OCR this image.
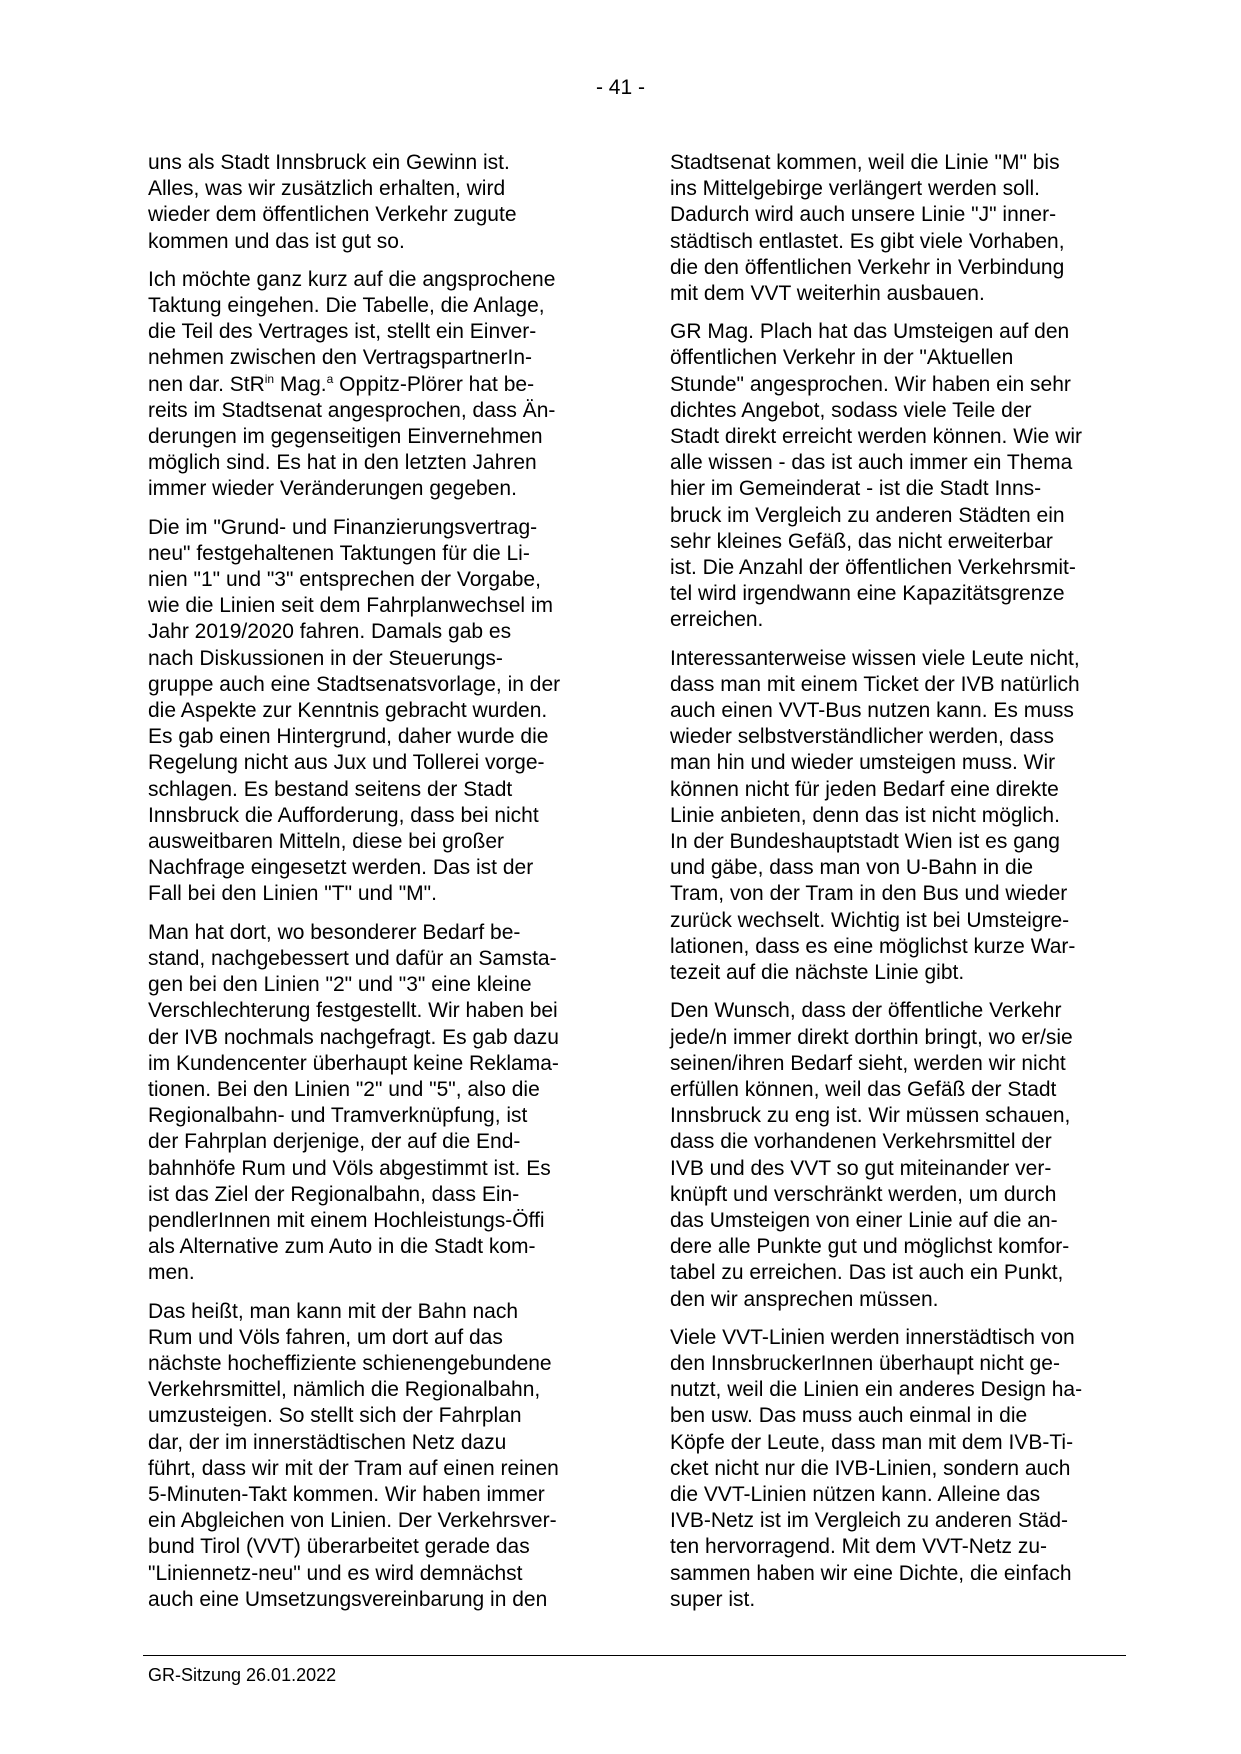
- 41 -

uns als Stadt Innsbruck ein Gewinn ist.
Alles, was wir zusätzlich erhalten, wird
wieder dem öffentlichen Verkehr zugute
kommen und das ist gut so.

Ich möchte ganz kurz auf die angsprochene
Taktung eingehen. Die Tabelle, die Anlage,
die Teil des Vertrages ist, stellt ein Einver-
nehmen zwischen den VertragspartnerIn-
nen dar. StR$^{in}$ Mag.$^a$ Oppitz-Plörer hat be-
reits im Stadtsenat angesprochen, dass Än-
derungen im gegenseitigen Einvernehmen
möglich sind. Es hat in den letzten Jahren
immer wieder Veränderungen gegeben.

Die im "Grund- und Finanzierungsvertrag-
neu" festgehaltenen Taktungen für die Li-
nien "1" und "3" entsprechen der Vorgabe,
wie die Linien seit dem Fahrplanwechsel im
Jahr 2019/2020 fahren. Damals gab es
nach Diskussionen in der Steuerungs-
gruppe auch eine Stadtsenatsvorlage, in der
die Aspekte zur Kenntnis gebracht wurden.
Es gab einen Hintergrund, daher wurde die
Regelung nicht aus Jux und Tollerei vorge-
schlagen. Es bestand seitens der Stadt
Innsbruck die Aufforderung, dass bei nicht
ausweitbaren Mitteln, diese bei großer
Nachfrage eingesetzt werden. Das ist der
Fall bei den Linien "T" und "M".

Man hat dort, wo besonderer Bedarf be-
stand, nachgebessert und dafür an Samsta-
gen bei den Linien "2" und "3" eine kleine
Verschlechterung festgestellt. Wir haben bei
der IVB nochmals nachgefragt. Es gab dazu
im Kundencenter überhaupt keine Reklama-
tionen. Bei den Linien "2" und "5", also die
Regionalbahn- und Tramverknüpfung, ist
der Fahrplan derjenige, der auf die End-
bahnhöfe Rum und Völs abgestimmt ist. Es
ist das Ziel der Regionalbahn, dass Ein-
pendlerInnen mit einem Hochleistungs-Öffi
als Alternative zum Auto in die Stadt kom-
men.

Das heißt, man kann mit der Bahn nach
Rum und Völs fahren, um dort auf das
nächste hocheffiziente schienengebundene
Verkehrsmittel, nämlich die Regionalbahn,
umzusteigen. So stellt sich der Fahrplan
dar, der im innerstädtischen Netz dazu
führt, dass wir mit der Tram auf einen reinen
5-Minuten-Takt kommen. Wir haben immer
ein Abgleichen von Linien. Der Verkehrsver-
bund Tirol (VVT) überarbeitet gerade das
"Liniennetz-neu" und es wird demnächst
auch eine Umsetzungsvereinbarung in den

Stadtsenat kommen, weil die Linie "M" bis
ins Mittelgebirge verlängert werden soll.
Dadurch wird auch unsere Linie "J" inner-
städtisch entlastet. Es gibt viele Vorhaben,
die den öffentlichen Verkehr in Verbindung
mit dem VVT weiterhin ausbauen.

GR Mag. Plach hat das Umsteigen auf den
öffentlichen Verkehr in der "Aktuellen
Stunde" angesprochen. Wir haben ein sehr
dichtes Angebot, sodass viele Teile der
Stadt direkt erreicht werden können. Wie wir
alle wissen - das ist auch immer ein Thema
hier im Gemeinderat - ist die Stadt Inns-
bruck im Vergleich zu anderen Städten ein
sehr kleines Gefäß, das nicht erweiterbar
ist. Die Anzahl der öffentlichen Verkehrsmit-
tel wird irgendwann eine Kapazitätsgrenze
erreichen.

Interessanterweise wissen viele Leute nicht,
dass man mit einem Ticket der IVB natürlich
auch einen VVT-Bus nutzen kann. Es muss
wieder selbstverständlicher werden, dass
man hin und wieder umsteigen muss. Wir
können nicht für jeden Bedarf eine direkte
Linie anbieten, denn das ist nicht möglich.
In der Bundeshauptstadt Wien ist es gang
und gäbe, dass man von U-Bahn in die
Tram, von der Tram in den Bus und wieder
zurück wechselt. Wichtig ist bei Umsteigre-
lationen, dass es eine möglichst kurze War-
tezeit auf die nächste Linie gibt.

Den Wunsch, dass der öffentliche Verkehr
jede/n immer direkt dorthin bringt, wo er/sie
seinen/ihren Bedarf sieht, werden wir nicht
erfüllen können, weil das Gefäß der Stadt
Innsbruck zu eng ist. Wir müssen schauen,
dass die vorhandenen Verkehrsmittel der
IVB und des VVT so gut miteinander ver-
knüpft und verschränkt werden, um durch
das Umsteigen von einer Linie auf die an-
dere alle Punkte gut und möglichst komfor-
tabel zu erreichen. Das ist auch ein Punkt,
den wir ansprechen müssen.

Viele VVT-Linien werden innerstädtisch von
den InnsbruckerInnen überhaupt nicht ge-
nutzt, weil die Linien ein anderes Design ha-
ben usw. Das muss auch einmal in die
Köpfe der Leute, dass man mit dem IVB-Ti-
cket nicht nur die IVB-Linien, sondern auch
die VVT-Linien nützen kann. Alleine das
IVB-Netz ist im Vergleich zu anderen Städ-
ten hervorragend. Mit dem VVT-Netz zu-
sammen haben wir eine Dichte, die einfach
super ist.

GR-Sitzung 26.01.2022
